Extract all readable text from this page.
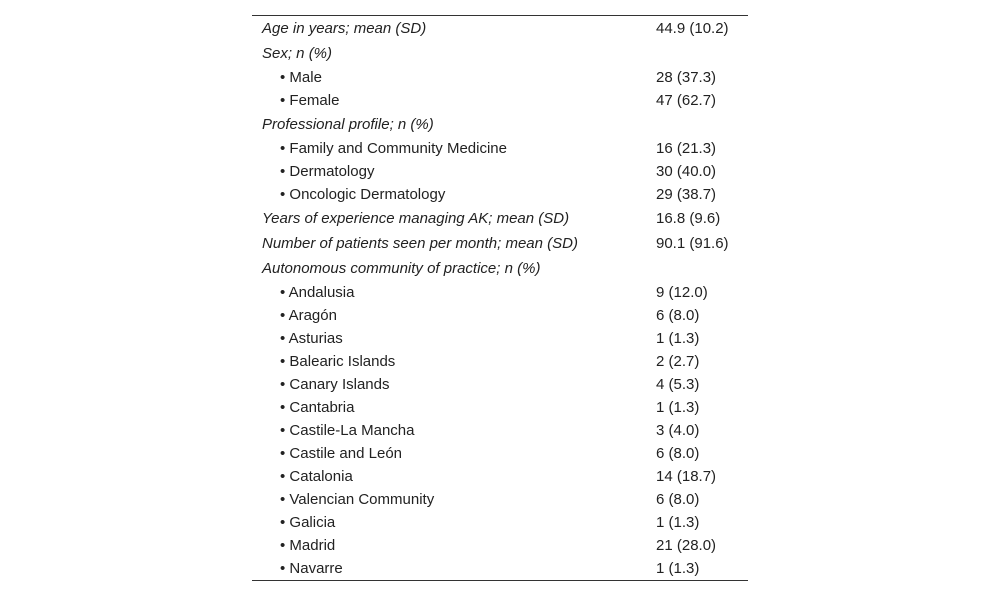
Age in years; mean (SD)	44.9 (10.2)
Sex; n (%)	
• Male	28 (37.3)
• Female	47 (62.7)
Professional profile; n (%)	
• Family and Community Medicine	16 (21.3)
• Dermatology	30 (40.0)
• Oncologic Dermatology	29 (38.7)
Years of experience managing AK; mean (SD)	16.8 (9.6)
Number of patients seen per month; mean (SD)	90.1 (91.6)
Autonomous community of practice; n (%)	
• Andalusia	9 (12.0)
• Aragón	6 (8.0)
• Asturias	1 (1.3)
• Balearic Islands	2 (2.7)
• Canary Islands	4 (5.3)
• Cantabria	1 (1.3)
• Castile-La Mancha	3 (4.0)
• Castile and León	6 (8.0)
• Catalonia	14 (18.7)
• Valencian Community	6 (8.0)
• Galicia	1 (1.3)
• Madrid	21 (28.0)
• Navarre	1 (1.3)
